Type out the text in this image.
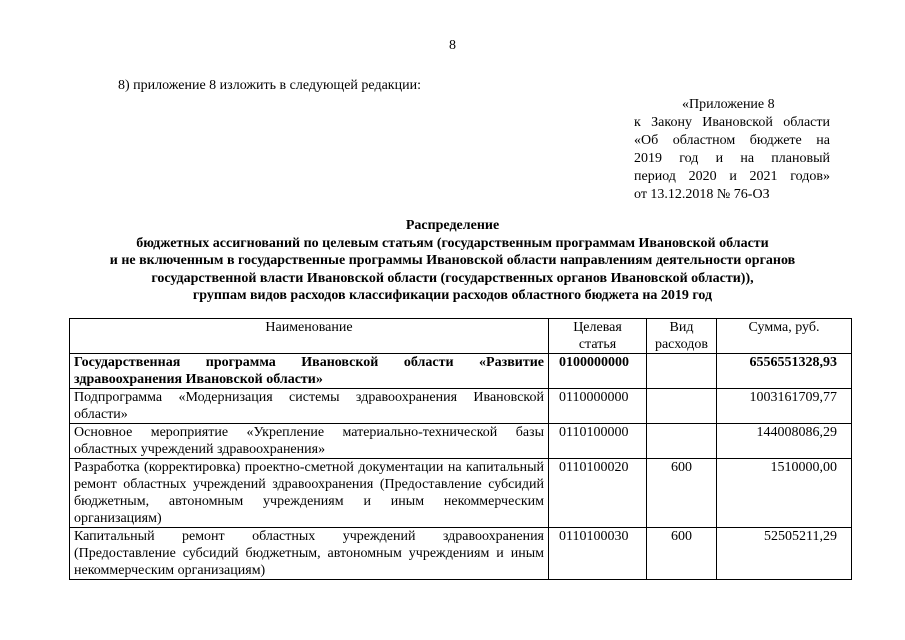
8
8) приложение 8 изложить в следующей редакции:
«Приложение 8
к Закону Ивановской области
«Об областном бюджете на
2019 год и на плановый
период 2020 и 2021 годов»
от 13.12.2018 № 76-ОЗ
Распределение
бюджетных ассигнований по целевым статьям (государственным программам Ивановской области
и не включенным в государственные программы Ивановской области направлениям деятельности органов
государственной власти Ивановской области (государственных органов Ивановской области)),
группам видов расходов классификации расходов областного бюджета на 2019 год
Наименование	Целевая статья	Вид расходов	Сумма, руб.
Государственная программа Ивановской области «Развитие здравоохранения Ивановской области»	0100000000		6556551328,93
Подпрограмма «Модернизация системы здравоохранения Ивановской области»	0110000000		1003161709,77
Основное мероприятие «Укрепление материально-технической базы областных учреждений здравоохранения»	0110100000		144008086,29
Разработка (корректировка) проектно-сметной документации на капитальный ремонт областных учреждений здравоохранения (Предоставление субсидий бюджетным, автономным учреждениям и иным некоммерческим организациям)	0110100020	600	1510000,00
Капитальный ремонт областных учреждений здравоохранения (Предоставление субсидий бюджетным, автономным учреждениям и иным некоммерческим организациям)	0110100030	600	52505211,29
